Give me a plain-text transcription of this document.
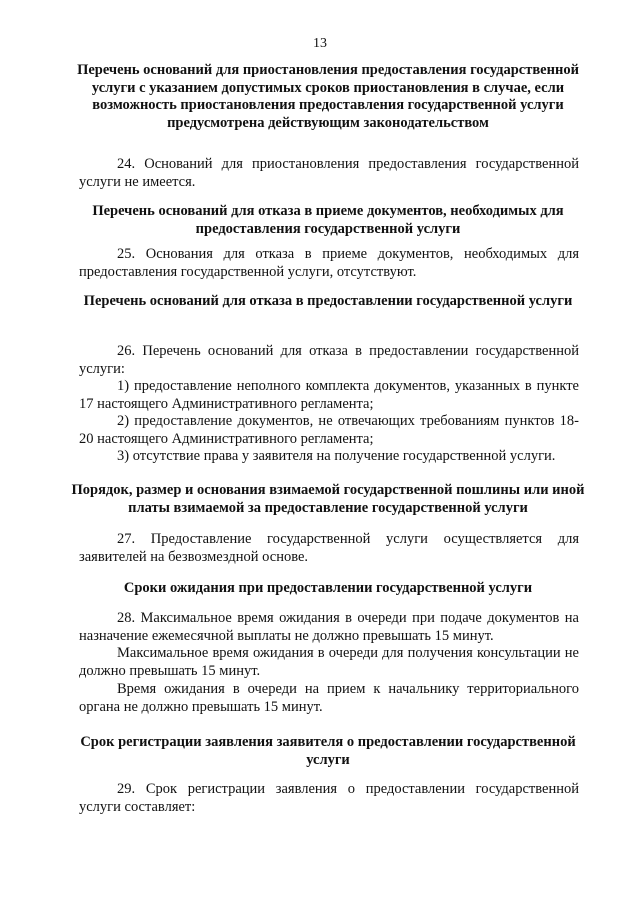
13
Перечень оснований для приостановления предоставления государственной услуги с указанием допустимых сроков приостановления в случае, если возможность приостановления предоставления государственной услуги предусмотрена действующим законодательством
24. Оснований для приостановления предоставления государственной услуги не имеется.
Перечень оснований для отказа в приеме документов, необходимых для предоставления государственной услуги
25. Основания для отказа в приеме документов, необходимых для предоставления государственной услуги, отсутствуют.
Перечень оснований для отказа в предоставлении государственной услуги
26. Перечень оснований для отказа в предоставлении государственной услуги:
1) предоставление неполного комплекта документов, указанных в пункте 17 настоящего Административного регламента;
2) предоставление документов, не отвечающих требованиям пунктов 18-20 настоящего Административного регламента;
3) отсутствие права у заявителя на получение государственной услуги.
Порядок, размер и основания взимаемой государственной пошлины или иной платы взимаемой за предоставление государственной услуги
27. Предоставление государственной услуги осуществляется для заявителей на безвозмездной основе.
Сроки ожидания при предоставлении государственной услуги
28. Максимальное время ожидания в очереди при подаче документов на назначение ежемесячной выплаты не должно превышать 15 минут.
Максимальное время ожидания в очереди для получения консультации не должно превышать 15 минут.
Время ожидания в очереди на прием к начальнику территориального органа не должно превышать 15 минут.
Срок регистрации заявления заявителя о предоставлении государственной услуги
29. Срок регистрации заявления о предоставлении государственной услуги составляет:
